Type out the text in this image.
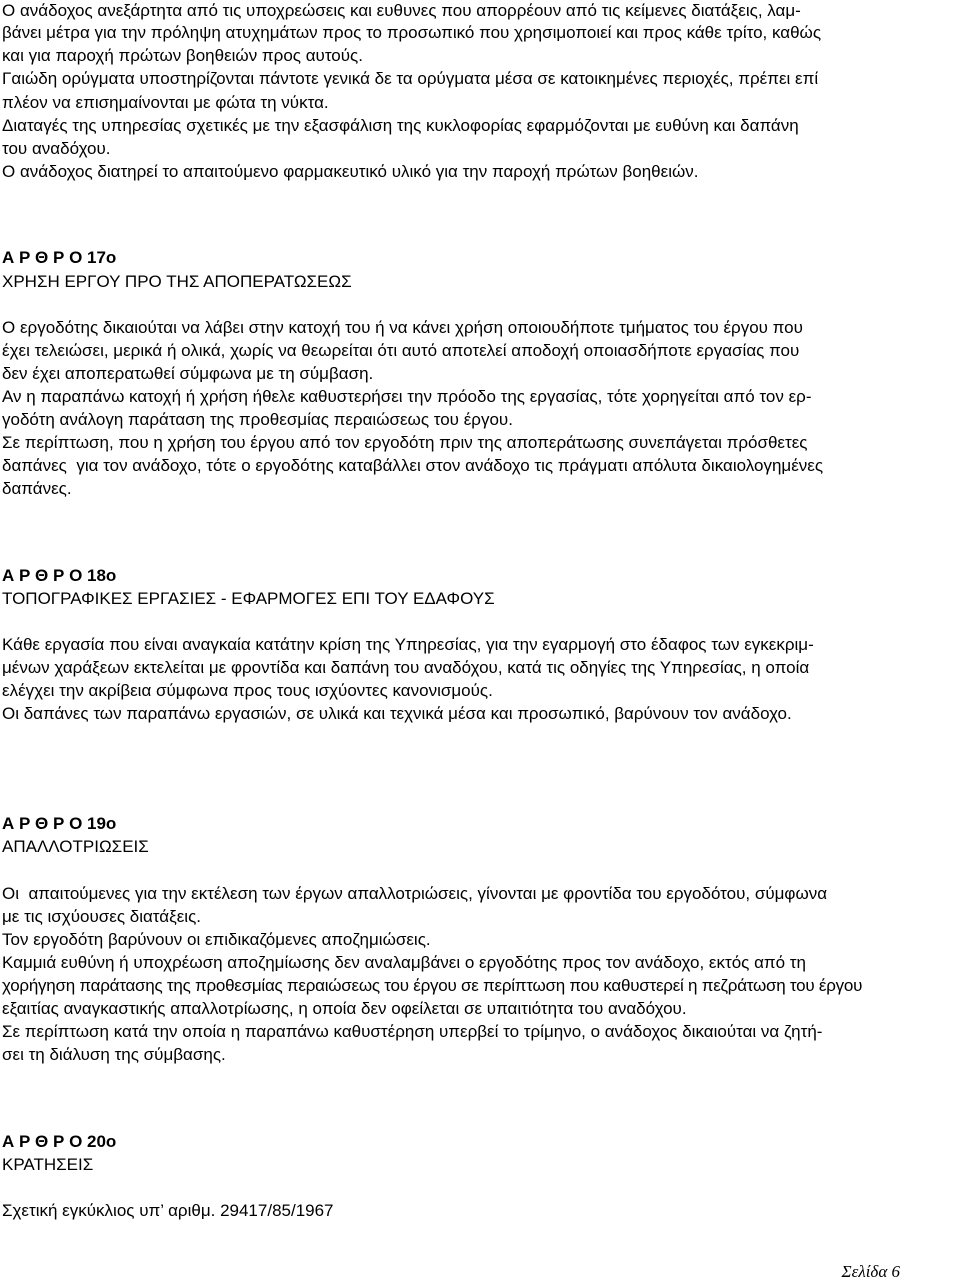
Ο ανάδοχος ανεξάρτητα από τις υποχρεώσεις και ευθυνες που απορρέουν από τις κείμενες διατάξεις, λαμ-
βάνει μέτρα για την πρόληψη ατυχημάτων προς το προσωπικό που χρησιμοποιεί και προς κάθε τρίτο, καθώς
και για παροχή πρώτων βοηθειών προς αυτούς.
Γαιώδη ορύγματα υποστηρίζονται πάντοτε γενικά δε τα ορύγματα μέσα σε κατοικημένες περιοχές, πρέπει επί
πλέον να επισημαίνονται με φώτα τη νύκτα.
Διαταγές της υπηρεσίας σχετικές με την εξασφάλιση της κυκλοφορίας εφαρμόζονται με ευθύνη και δαπάνη
του αναδόχου.
Ο ανάδοχος διατηρεί το απαιτούμενο φαρμακευτικό υλικό για την παροχή πρώτων βοηθειών.
Α Ρ Θ Ρ Ο 17ο
ΧΡΗΣΗ ΕΡΓΟΥ ΠΡΟ ΤΗΣ ΑΠΟΠΕΡΑΤΩΣΕΩΣ
Ο εργοδότης δικαιούται να λάβει στην κατοχή του ή να κάνει χρήση οποιουδήποτε τμήματος του έργου που
έχει τελειώσει, μερικά ή ολικά, χωρίς να θεωρείται ότι αυτό αποτελεί αποδοχή οποιασδήποτε εργασίας που
δεν έχει αποπερατωθεί σύμφωνα με τη σύμβαση.
Αν η παραπάνω κατοχή ή χρήση ήθελε καθυστερήσει την πρόοδο της εργασίας, τότε χορηγείται από τον ερ-
γοδότη ανάλογη παράταση της προθεσμίας περαιώσεως του έργου.
Σε περίπτωση, που η χρήση του έργου από τον εργοδότη πριν της αποπεράτωσης συνεπάγεται πρόσθετες
δαπάνες  για τον ανάδοχο, τότε ο εργοδότης καταβάλλει στον ανάδοχο τις πράγματι απόλυτα δικαιολογημένες
δαπάνες.
Α Ρ Θ Ρ Ο 18ο
ΤΟΠΟΓΡΑΦΙΚΕΣ ΕΡΓΑΣΙΕΣ - ΕΦΑΡΜΟΓΕΣ ΕΠΙ ΤΟΥ ΕΔΑΦΟΥΣ
Κάθε εργασία που είναι αναγκαία κατάτην κρίση της Υπηρεσίας, για την εγαρμογή στο έδαφος των εγκεκριμ-
μένων χαράξεων εκτελείται με φροντίδα και δαπάνη του αναδόχου, κατά τις οδηγίες της Υπηρεσίας, η οποία
ελέγχει την ακρίβεια σύμφωνα προς τους ισχύοντες κανονισμούς.
Οι δαπάνες των παραπάνω εργασιών, σε υλικά και τεχνικά μέσα και προσωπικό, βαρύνουν τον ανάδοχο.
Α Ρ Θ Ρ Ο 19ο
ΑΠΑΛΛΟΤΡΙΩΣΕΙΣ
Οι  απαιτούμενες για την εκτέλεση των έργων απαλλοτριώσεις, γίνονται με φροντίδα του εργοδότου, σύμφωνα
με τις ισχύουσες διατάξεις.
Τον εργοδότη βαρύνουν οι επιδικαζόμενες αποζημιώσεις.
Καμμιά ευθύνη ή υποχρέωση αποζημίωσης δεν αναλαμβάνει ο εργοδότης προς τον ανάδοχο, εκτός από τη
χορήγηση παράτασης της προθεσμίας περαιώσεως του έργου σε περίπτωση που καθυστερεί η πεζράτωση του έργου
εξαιτίας αναγκαστικής απαλλοτρίωσης, η οποία δεν οφείλεται σε υπαιτιότητα του αναδόχου.
Σε περίπτωση κατά την οποία η παραπάνω καθυστέρηση υπερβεί το τρίμηνο, ο ανάδοχος δικαιούται να ζητή-
σει τη διάλυση της σύμβασης.
Α Ρ Θ Ρ Ο 20ο
ΚΡΑΤΗΣΕΙΣ
Σχετική εγκύκλιος υπ’ αριθμ. 29417/85/1967
Σελίδα 6
